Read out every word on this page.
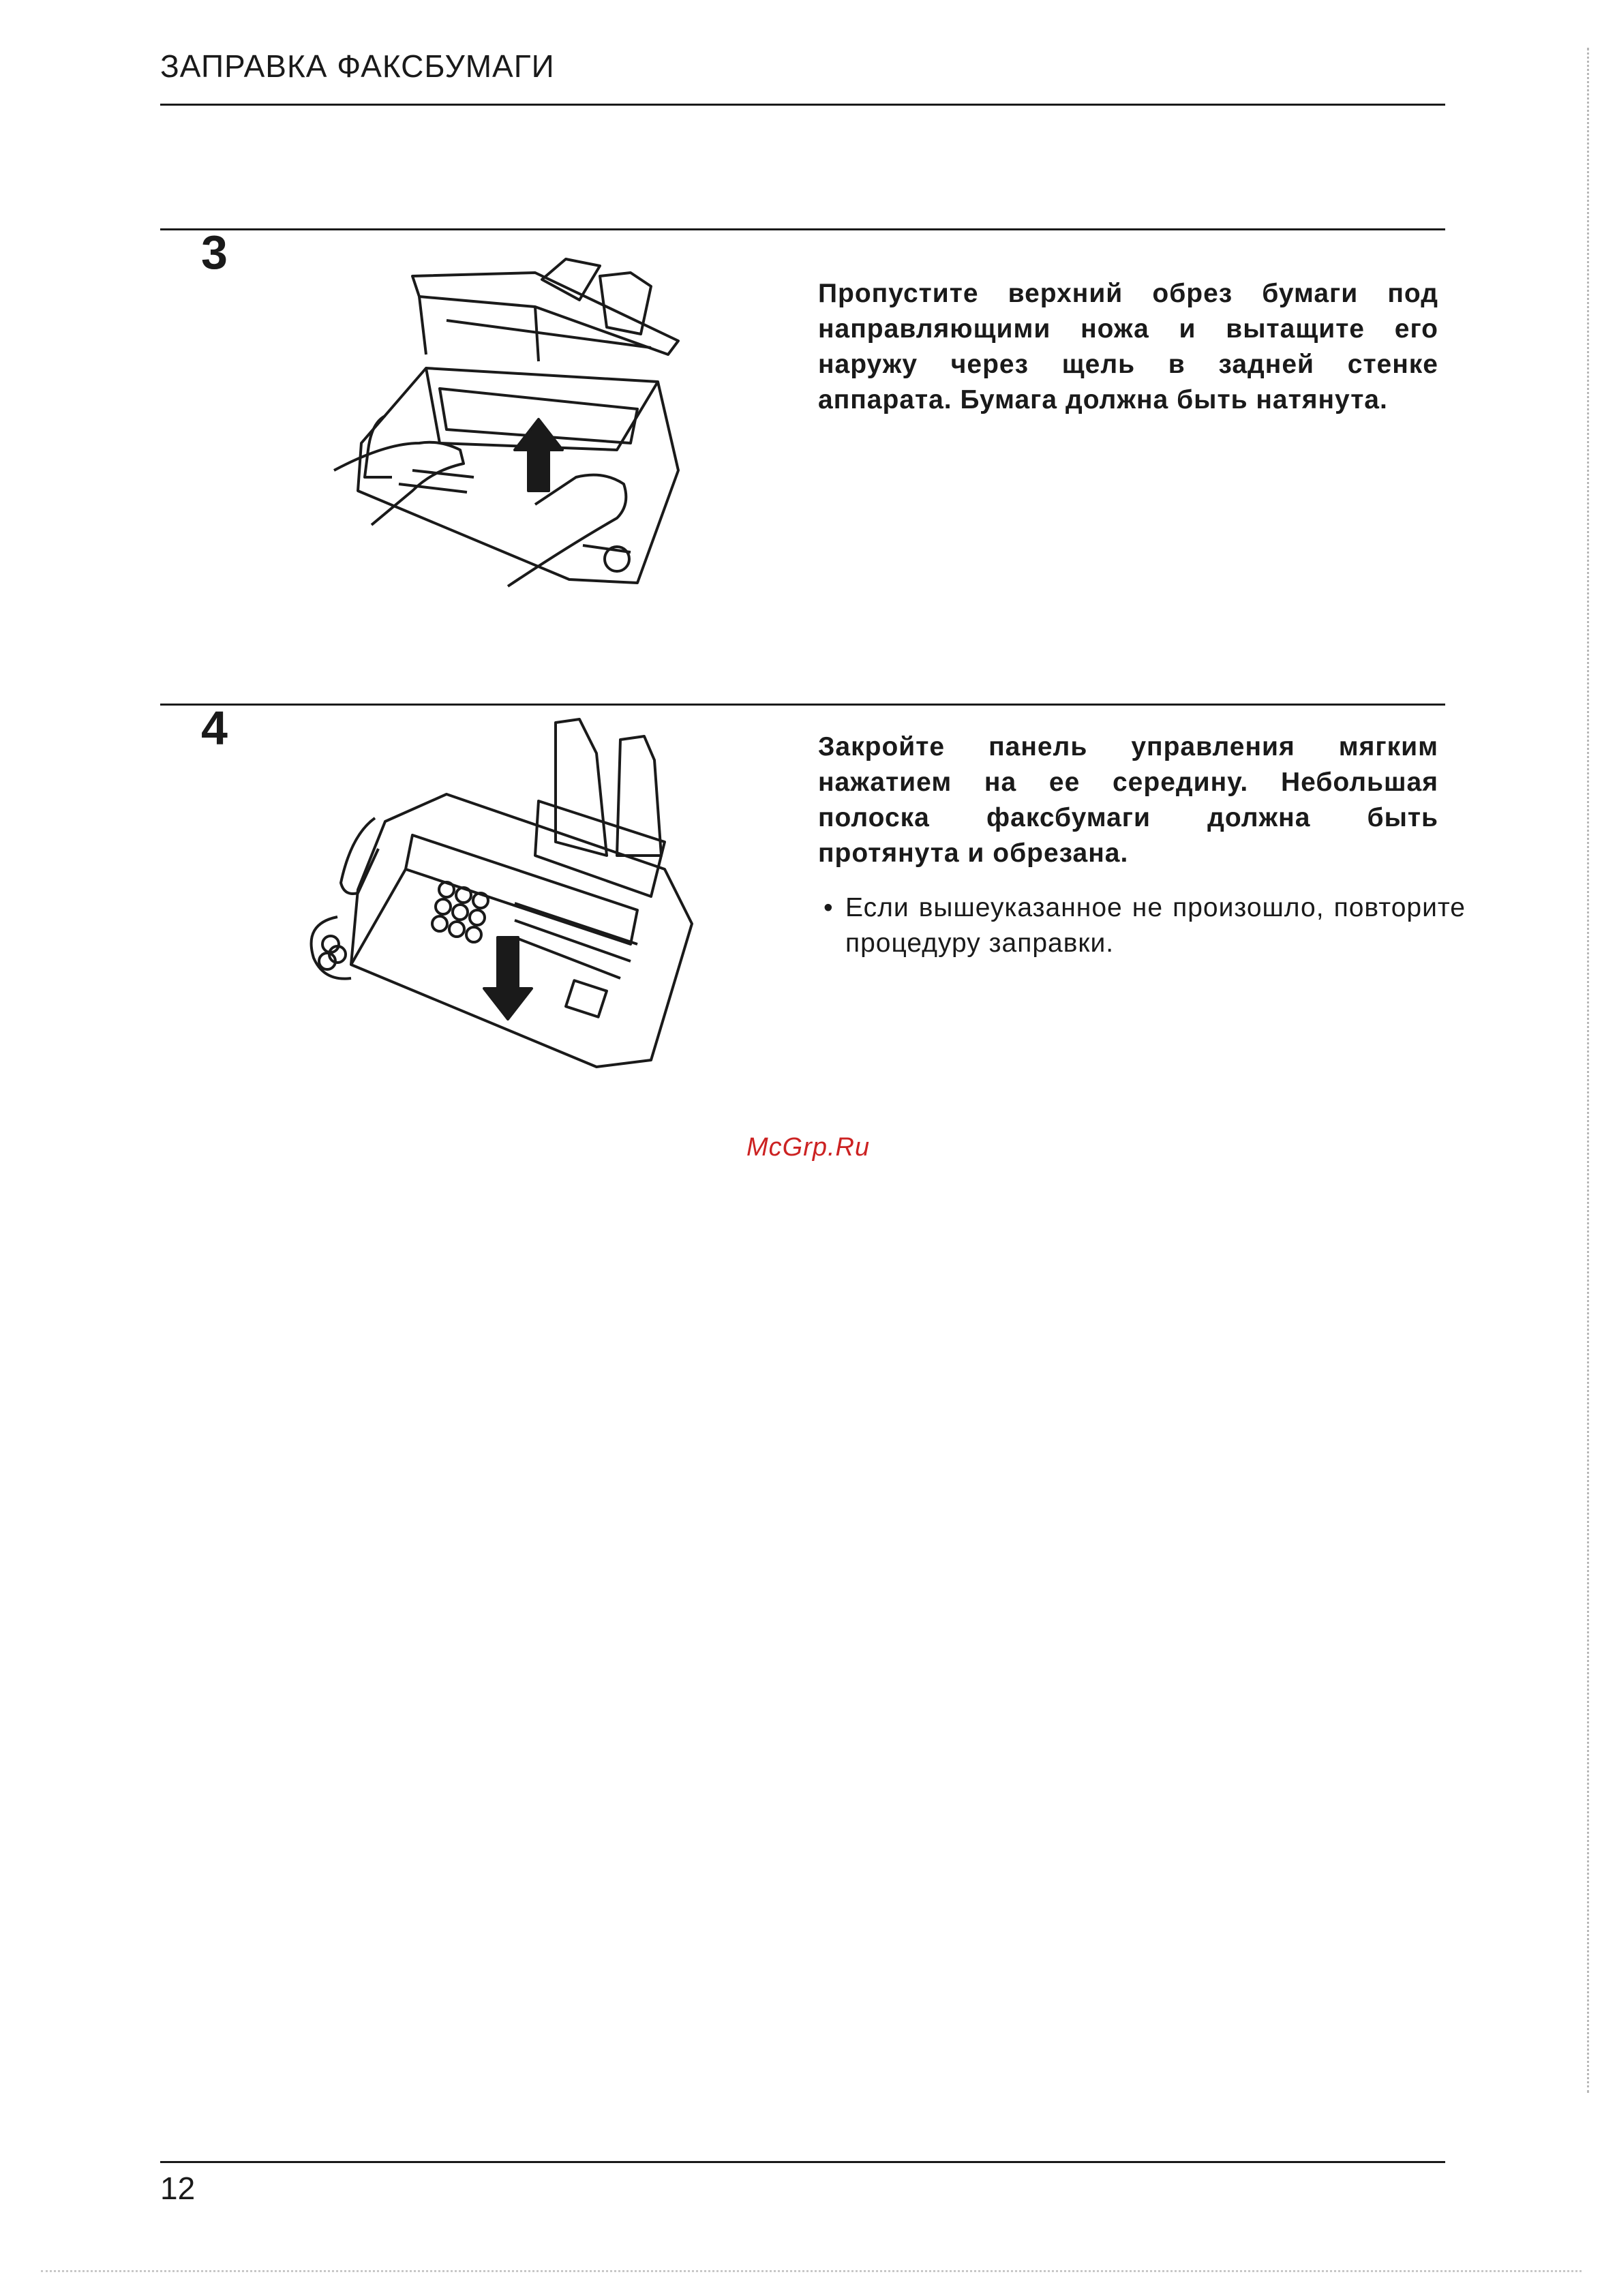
ЗАПРАВКА ФАКСБУМАГИ
3
Пропустите верхний обрез бумаги под направляющими ножа и вытащите его наружу через щель в задней стенке аппарата. Бумага должна быть натянута.
4	Закройте панель управления мягким нажатием на ее середину. Небольшая полоска факсбумаги должна быть протянута и обрезана.
• Если вышеуказанное не произошло, повторите процедуру заправки.
McGrp.Ru
12
